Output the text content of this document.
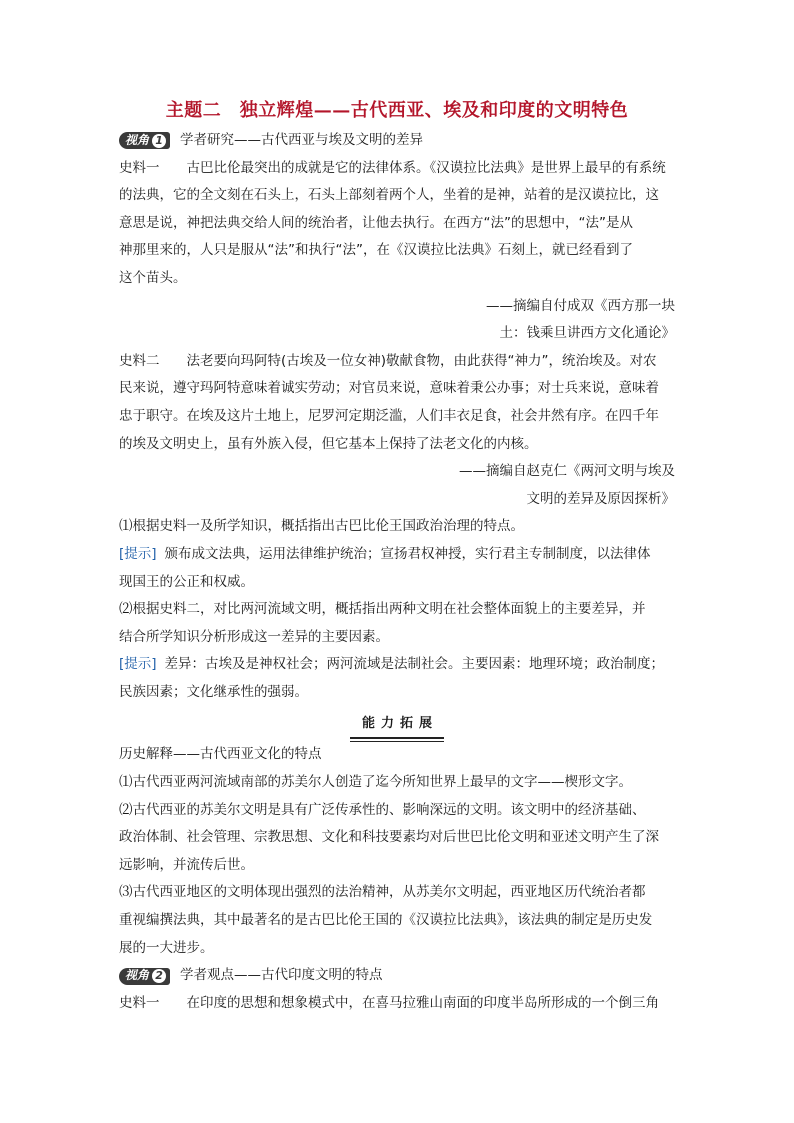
主题二　独立辉煌——古代西亚、埃及和印度的文明特色
视角 1 学者研究——古代西亚与埃及文明的差异

史料一　　 古巴比伦最突出的成就是它的法律体系。《汉谟拉比法典》是世界上最早的有系统

的法典，它的全文刻在石头上，石头上部刻着两个人，坐着的是神，站着的是汉谟拉比，这

意思是说，神把法典交给人间的统治者，让他去执行。在西方“法”的思想中，“法”是从

神那里来的，人只是服从“法”和执行“法”，在《汉谟拉比法典》石刻上，就已经看到了

这个苗头。

——摘编自付成双《西方那一块

土：钱乘旦讲西方文化通论》

史料二　　 法老要向玛阿特(古埃及一位女神)敬献食物，由此获得“神力”，统治埃及。对农

民来说，遵守玛阿特意味着诚实劳动；对官员来说，意味着秉公办事；对士兵来说，意味着

忠于职守。在埃及这片土地上，尼罗河定期泛滥，人们丰衣足食，社会井然有序。在四千年

的埃及文明史上，虽有外族入侵，但它基本上保持了法老文化的内核。

——摘编自赵克仁《两河文明与埃及

文明的差异及原因探析》

⑴根据史料一及所学知识，概括指出古巴比伦王国政治治理的特点。

[提示] 颁布成文法典，运用法律维护统治；宣扬君权神授，实行君主专制制度，以法律体

现国王的公正和权威。

⑵根据史料二，对比两河流域文明，概括指出两种文明在社会整体面貌上的主要差异，并

结合所学知识分析形成这一差异的主要因素。

[提示] 差异：古埃及是神权社会；两河流域是法制社会。主要因素：地理环境；政治制度；

民族因素；文化继承性的强弱。

能力拓展

历史解释——古代西亚文化的特点

⑴古代西亚两河流域南部的苏美尔人创造了迄今所知世界上最早的文字——楔形文字。

⑵古代西亚的苏美尔文明是具有广泛传承性的、影响深远的文明。该文明中的经济基础、

政治体制、社会管理、宗教思想、文化和科技要素均对后世巴比伦文明和亚述文明产生了深

远影响，并流传后世。

⑶古代西亚地区的文明体现出强烈的法治精神，从苏美尔文明起，西亚地区历代统治者都

重视编撰法典，其中最著名的是古巴比伦王国的《汉谟拉比法典》，该法典的制定是历史发

展的一大进步。

视角 2 学者观点——古代印度文明的特点

史料一　　 在印度的思想和想象模式中，在喜马拉雅山南面的印度半岛所形成的一个倒三角
